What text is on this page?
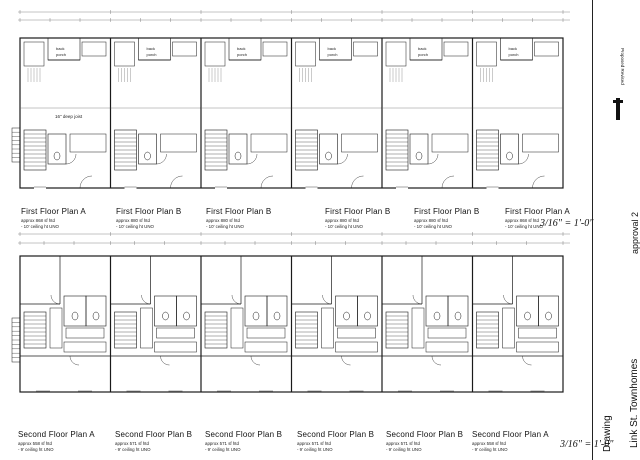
back
porch
back
porch
back
porch
back
porch
back
porch
back
porch
16" deep joist
First Floor Plan A
approx 868 sf htd
- 10' ceiling ht UNO
First Floor Plan B
approx 880 sf htd
- 10' ceiling ht UNO
First Floor Plan B
approx 880 sf htd
- 10' ceiling ht UNO
First Floor Plan B
approx 880 sf htd
- 10' ceiling ht UNO
First Floor Plan B
approx 880 sf htd
- 10' ceiling ht UNO
First Floor Plan A
approx 868 sf htd
- 10' ceiling ht UNO
Second Floor Plan A
approx 558 sf htd
- 9' ceiling ht UNO
Second Floor Plan B
approx 571 sf htd
- 9' ceiling ht UNO
Second Floor Plan B
approx 571 sf htd
- 9' ceiling ht UNO
Second Floor Plan B
approx 571 sf htd
- 9' ceiling ht UNO
Second Floor Plan B
approx 571 sf htd
- 9' ceiling ht UNO
Second Floor Plan A
approx 558 sf htd
- 9' ceiling ht UNO
3/16" = 1'-0"
3/16" = 1'-0"
Proposed Revised
approval 2
Link St. Townhomes
Drawing
